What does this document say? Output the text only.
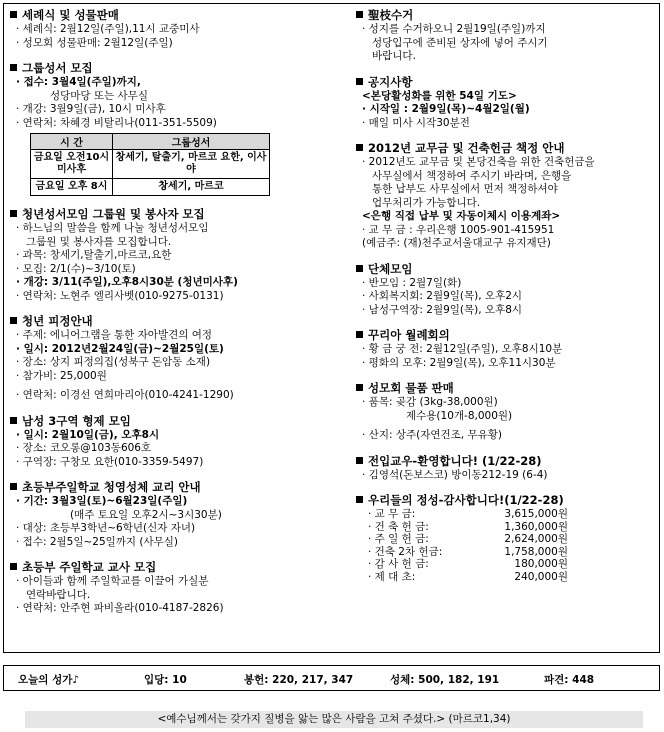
세례식 및 성물판매
· 세례식: 2월12일(주일),11시 교중미사
· 성모회 성물판매: 2월12일(주일)
그룹성서 모집
· 접수: 3월4일(주일)까지,
성당마당 또는 사무실
· 개강: 3월9일(금), 10시 미사후
· 연락처: 차혜경 비탈리나(011-351-5509)
시 간	그룹성서
금요일 오전10시 미사후	창세기, 탈출기, 마르코 요한, 이사야
금요일 오후 8시	창세기, 마르코
청년성서모임 그룹원 및 봉사자 모집
· 하느님의 말씀을 함께 나눌 청년성서모임
그룹원 및 봉사자를 모집합니다.
· 과목: 창세기,탈출기,마르코,요한
· 모집: 2/1(수)~3/10(토)
· 개강: 3/11(주일),오후8시30분 (청년미사후)
· 연락처: 노현주 엘리사벳(010-9275-0131)
청년 피정안내
· 주제: 에니어그램을 통한 자아발견의 여정
· 일시: 2012년2월24일(금)~2월25일(토)
· 장소: 상지 피정의집(성북구 돈암동 소재)
· 참가비: 25,000원
· 연락처: 이경선 연희마리아(010-4241-1290)
남성 3구역 형제 모임
· 일시: 2월10일(금), 오후8시
· 장소: 코오롱@103동606호
· 구역장: 구창모 요한(010-3359-5497)
초등부주일학교 청영성체 교리 안내
· 기간: 3월3일(토)~6월23일(주일)
(매주 토요일 오후2시~3시30분)
· 대상: 초등부3학년~6학년(신자 자녀)
· 접수: 2월5일~25일까지 (사무실)
초등부 주일학교 교사 모집
· 아이들과 함께 주일학교를 이끌어 가실분
연락바랍니다.
· 연락처: 안주현 파비올라(010-4187-2826)
聖枝수거
· 성지를 수거하오니 2월19일(주일)까지
성당입구에 준비된 상자에 넣어 주시기
바랍니다.
공지사항
<본당활성화를 위한 54일 기도>
· 시작일 : 2월9일(목)~4월2일(월)
· 매일 미사 시작30분전
2012년 교무금 및 건축헌금 책정 안내
· 2012년도 교무금 및 본당건축을 위한 건축헌금을
사무실에서 책정하여 주시기 바라며, 은행을
통한 납부도 사무실에서 먼저 책정하셔야
업무처리가 가능합니다.
<은행 직접 납부 및 자동이체시 이용계좌>
· 교 무 금 : 우리은행 1005-901-415951
(예금주: (재)천주교서울대교구 유지재단)
단체모임
· 반모임 : 2월7일(화)
· 사회복지회: 2월9일(목), 오후2시
· 남성구역장: 2월9일(목), 오후8시
꾸리아 월례회의
· 황 금 궁 전: 2월12일(주일), 오후8시10분
· 평화의 모후: 2월9일(목), 오후11시30분
성모회 물품 판매
· 품목: 곶감 (3kg-38,000원)
제수용(10개-8,000원)
· 산지: 상주(자연건조, 무유황)
전입교우-환영합니다! (1/22-28)
· 김영석(돈보스코) 방이동212-19 (6-4)
우리들의 정성-감사합니다!(1/22-28)
· 교 무 금:	3,615,000원
· 건 축 헌 금:	1,360,000원
· 주 일 헌 금:	2,624,000원
· 건축 2차 헌금:	1,758,000원
· 감 사 헌 금:	180,000원
· 제 대 초:	240,000원
오늘의 성가♪	입당: 10	봉헌: 220, 217, 347	성체: 500, 182, 191	파견: 448
<예수님께서는 갖가지 질병을 앓는 많은 사람을 고쳐 주셨다.> (마르코1,34)
